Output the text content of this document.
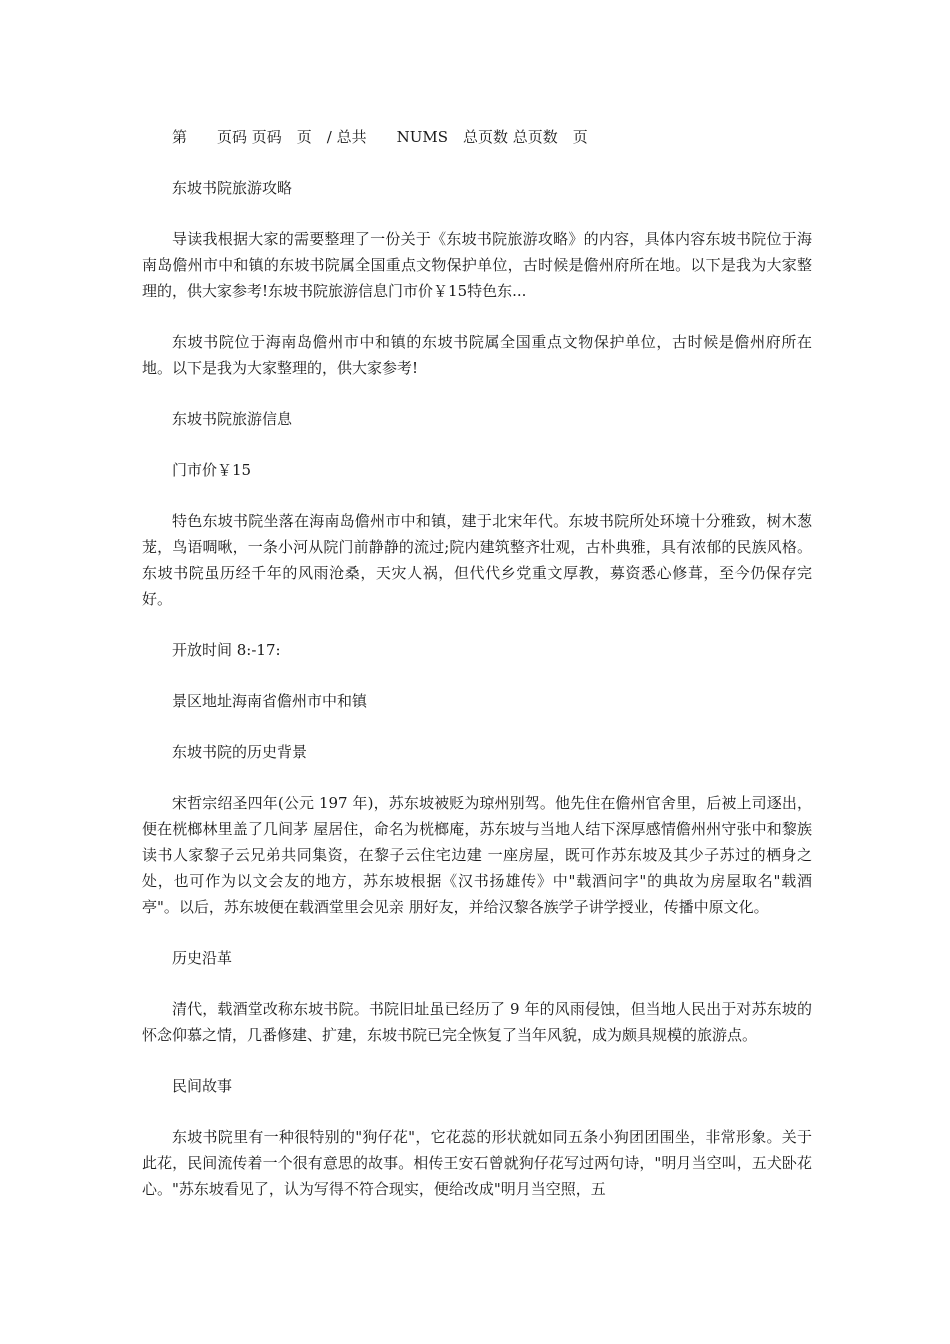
第　　页码 页码　页　/ 总共　　NUMS　总页数 总页数　页

东坡书院旅游攻略

导读我根据大家的需要整理了一份关于《东坡书院旅游攻略》的内容，具体内容东坡书院位于海南岛儋州市中和镇的东坡书院属全国重点文物保护单位，古时候是儋州府所在地。以下是我为大家整理的，供大家参考!东坡书院旅游信息门市价￥15特色东...

东坡书院位于海南岛儋州市中和镇的东坡书院属全国重点文物保护单位，古时候是儋州府所在地。以下是我为大家整理的，供大家参考!

东坡书院旅游信息

门市价￥15

特色东坡书院坐落在海南岛儋州市中和镇，建于北宋年代。东坡书院所处环境十分雅致，树木葱茏，鸟语啁啾，一条小河从院门前静静的流过;院内建筑整齐壮观，古朴典雅，具有浓郁的民族风格。东坡书院虽历经千年的风雨沧桑，天灾人祸，但代代乡党重文厚教，募资悉心修葺，至今仍保存完好。

开放时间 8:-17:

景区地址海南省儋州市中和镇

东坡书院的历史背景

宋哲宗绍圣四年(公元 197 年)，苏东坡被贬为琼州别驾。他先住在儋州官舍里，后被上司逐出，便在桄榔林里盖了几间茅 屋居住，命名为桄榔庵，苏东坡与当地人结下深厚感情儋州州守张中和黎族读书人家黎子云兄弟共同集资，在黎子云住宅边建 一座房屋，既可作苏东坡及其少子苏过的栖身之处，也可作为以文会友的地方，苏东坡根据《汉书扬雄传》中"载酒问字"的典故为房屋取名"载酒亭"。以后，苏东坡便在载酒堂里会见亲 朋好友，并给汉黎各族学子讲学授业，传播中原文化。

历史沿革

清代，载酒堂改称东坡书院。书院旧址虽已经历了 9 年的风雨侵蚀，但当地人民出于对苏东坡的怀念仰慕之情，几番修建、扩建，东坡书院已完全恢复了当年风貌，成为颇具规模的旅游点。

民间故事

东坡书院里有一种很特别的"狗仔花"，它花蕊的形状就如同五条小狗团团围坐，非常形象。关于此花，民间流传着一个很有意思的故事。相传王安石曾就狗仔花写过两句诗，"明月当空叫，五犬卧花心。"苏东坡看见了，认为写得不符合现实，便给改成"明月当空照，五
